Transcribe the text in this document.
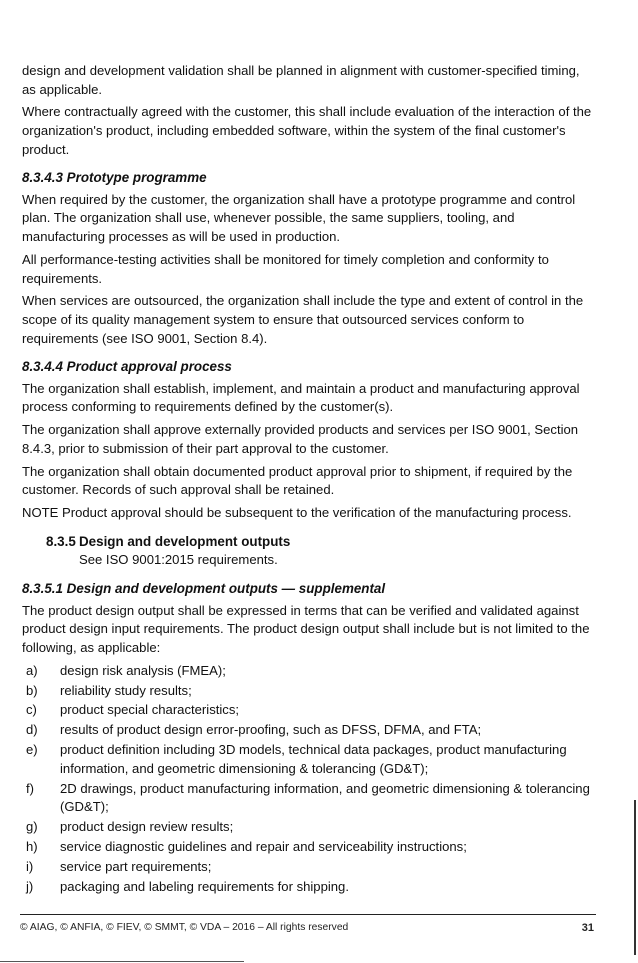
design and development validation shall be planned in alignment with customer-specified timing, as applicable.

Where contractually agreed with the customer, this shall include evaluation of the interaction of the organization's product, including embedded software, within the system of the final customer's product.

8.3.4.3 Prototype programme

When required by the customer, the organization shall have a prototype programme and control plan. The organization shall use, whenever possible, the same suppliers, tooling, and manufacturing processes as will be used in production.

All performance-testing activities shall be monitored for timely completion and conformity to requirements.

When services are outsourced, the organization shall include the type and extent of control in the scope of its quality management system to ensure that outsourced services conform to requirements (see ISO 9001, Section 8.4).

8.3.4.4 Product approval process

The organization shall establish, implement, and maintain a product and manufacturing approval process conforming to requirements defined by the customer(s).

The organization shall approve externally provided products and services per ISO 9001, Section 8.4.3, prior to submission of their part approval to the customer.

The organization shall obtain documented product approval prior to shipment, if required by the customer. Records of such approval shall be retained.

NOTE Product approval should be subsequent to the verification of the manufacturing process.

8.3.5 Design and development outputs

See ISO 9001:2015 requirements.

8.3.5.1 Design and development outputs — supplemental

The product design output shall be expressed in terms that can be verified and validated against product design input requirements. The product design output shall include but is not limited to the following, as applicable:

a) design risk analysis (FMEA);
b) reliability study results;
c) product special characteristics;
d) results of product design error-proofing, such as DFSS, DFMA, and FTA;
e) product definition including 3D models, technical data packages, product manufacturing information, and geometric dimensioning & tolerancing (GD&T);
f) 2D drawings, product manufacturing information, and geometric dimensioning & tolerancing (GD&T);
g) product design review results;
h) service diagnostic guidelines and repair and serviceability instructions;
i) service part requirements;
j) packaging and labeling requirements for shipping.
© AIAG, © ANFIA, © FIEV, © SMMT, © VDA – 2016 – All rights reserved	31
